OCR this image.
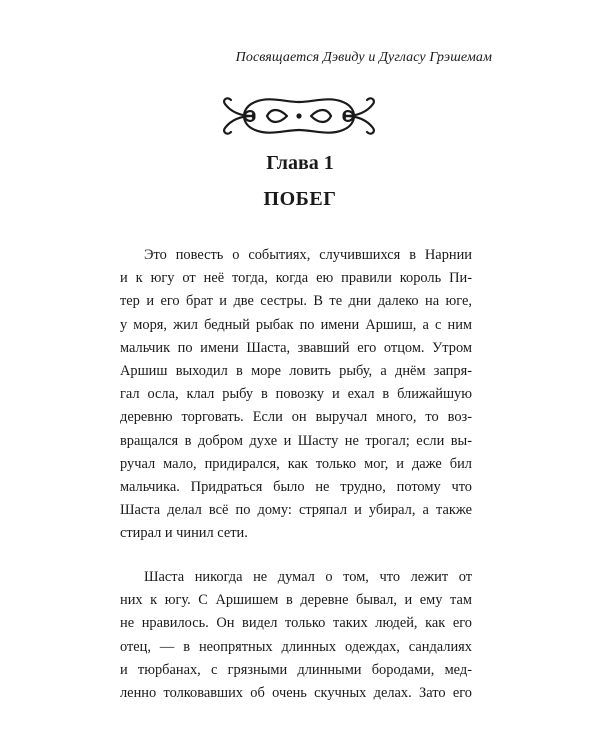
Посвящается Дэвиду и Дугласу Грэшемам
Глава 1
ПОБЕГ
Это повесть о событиях, случившихся в Нарнии
и к югу от неё тогда, когда ею правили король Пи-
тер и его брат и две сестры. В те дни далеко на юге,
у моря, жил бедный рыбак по имени Аршиш, а с ним
мальчик по имени Шаста, звавший его отцом. Утром
Аршиш выходил в море ловить рыбу, а днём запря-
гал осла, клал рыбу в повозку и ехал в ближайшую
деревню торговать. Если он выручал много, то воз-
вращался в добром духе и Шасту не трогал; если вы-
ручал мало, придирался, как только мог, и даже бил
мальчика. Придраться было не трудно, потому что
Шаста делал всё по дому: стряпал и убирал, а также
стирал и чинил сети.
Шаста никогда не думал о том, что лежит от
них к югу. С Аршишем в деревне бывал, и ему там
не нравилось. Он видел только таких людей, как его
отец, — в неопрятных длинных одеждах, сандалиях
и тюрбанах, с грязными длинными бородами, мед-
ленно толковавших об очень скучных делах. Зато его
